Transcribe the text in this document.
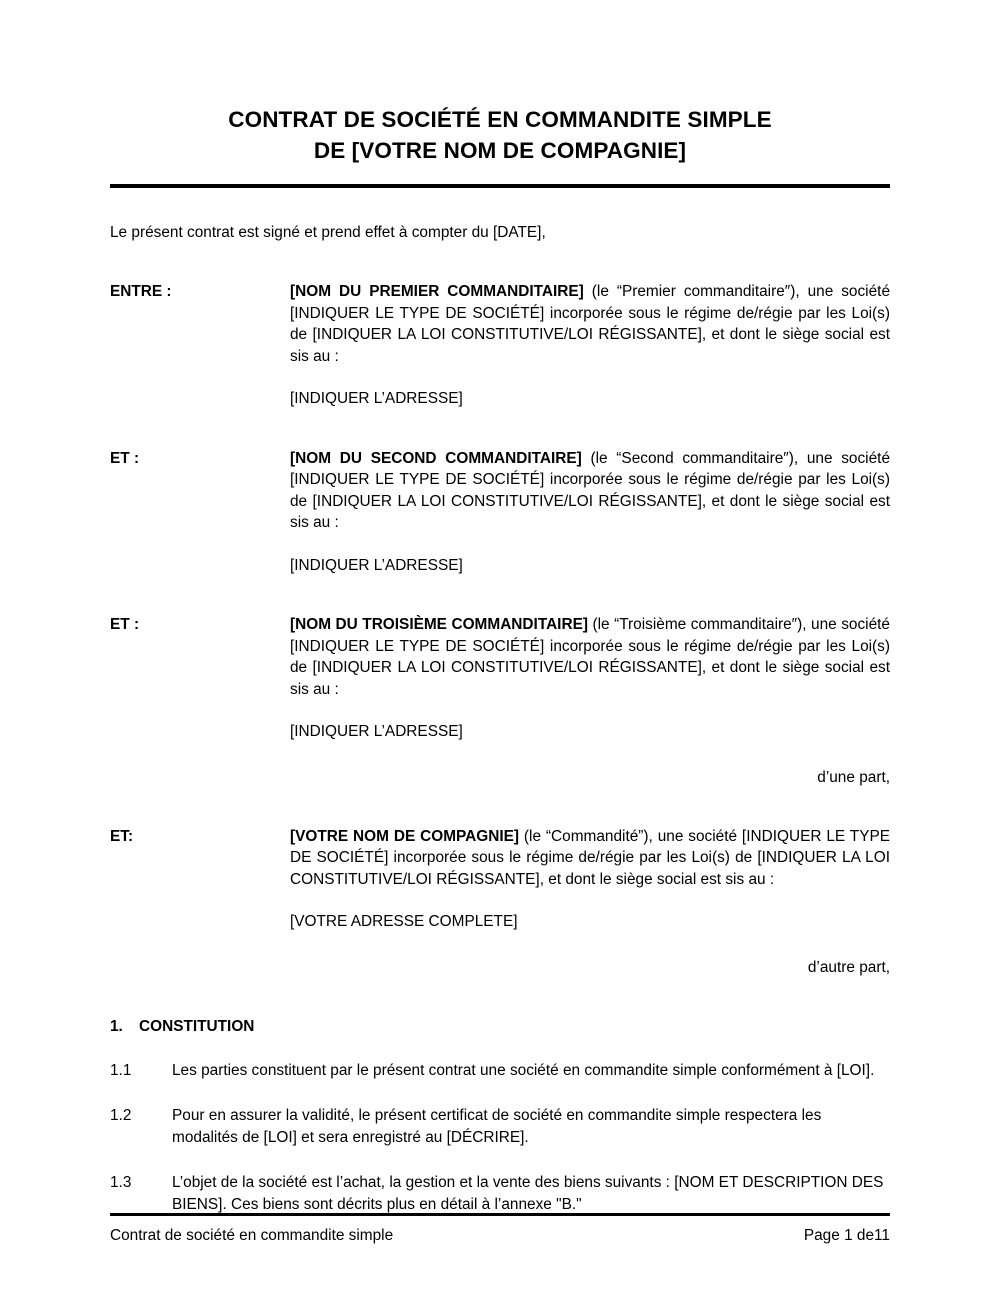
CONTRAT DE SOCIÉTÉ EN COMMANDITE SIMPLE
DE [VOTRE NOM DE COMPAGNIE]
Le présent contrat est signé et prend effet à compter du [DATE],
ENTRE :	[NOM DU PREMIER COMMANDITAIRE] (le “Premier commanditaire″), une société [INDIQUER LE TYPE DE SOCIÉTÉ] incorporée sous le régime de/régie par les Loi(s) de [INDIQUER LA LOI CONSTITUTIVE/LOI RÉGISSANTE], et dont le siège social est sis au :
[INDIQUER L’ADRESSE]
ET :	[NOM DU SECOND COMMANDITAIRE] (le “Second commanditaire″), une société [INDIQUER LE TYPE DE SOCIÉTÉ] incorporée sous le régime de/régie par les Loi(s) de [INDIQUER LA LOI CONSTITUTIVE/LOI RÉGISSANTE], et dont le siège social est sis au :
[INDIQUER L’ADRESSE]
ET :	[NOM DU TROISIÈME COMMANDITAIRE] (le “Troisième commanditaire″), une société [INDIQUER LE TYPE DE SOCIÉTÉ] incorporée sous le régime de/régie par les Loi(s) de [INDIQUER LA LOI CONSTITUTIVE/LOI RÉGISSANTE], et dont le siège social est sis au :
[INDIQUER L’ADRESSE]
d’une part,
ET:	[VOTRE NOM DE COMPAGNIE] (le “Commandité”), une société [INDIQUER LE TYPE DE SOCIÉTÉ] incorporée sous le régime de/régie par les Loi(s) de [INDIQUER LA LOI CONSTITUTIVE/LOI RÉGISSANTE], et dont le siège social est sis au :
[VOTRE ADRESSE COMPLETE]
d’autre part,
1.	CONSTITUTION
1.1	Les parties constituent par le présent contrat une société en commandite simple conformément à [LOI].
1.2	Pour en assurer la validité, le présent certificat de société en commandite simple respectera les modalités de [LOI] et sera enregistré au [DÉCRIRE].
1.3	L’objet de la société est l’achat, la gestion et la vente des biens suivants : [NOM ET DESCRIPTION DES BIENS]. Ces biens sont décrits plus en détail à l’annexe "B."
Contrat de société en commandite simple	Page 1 de11
